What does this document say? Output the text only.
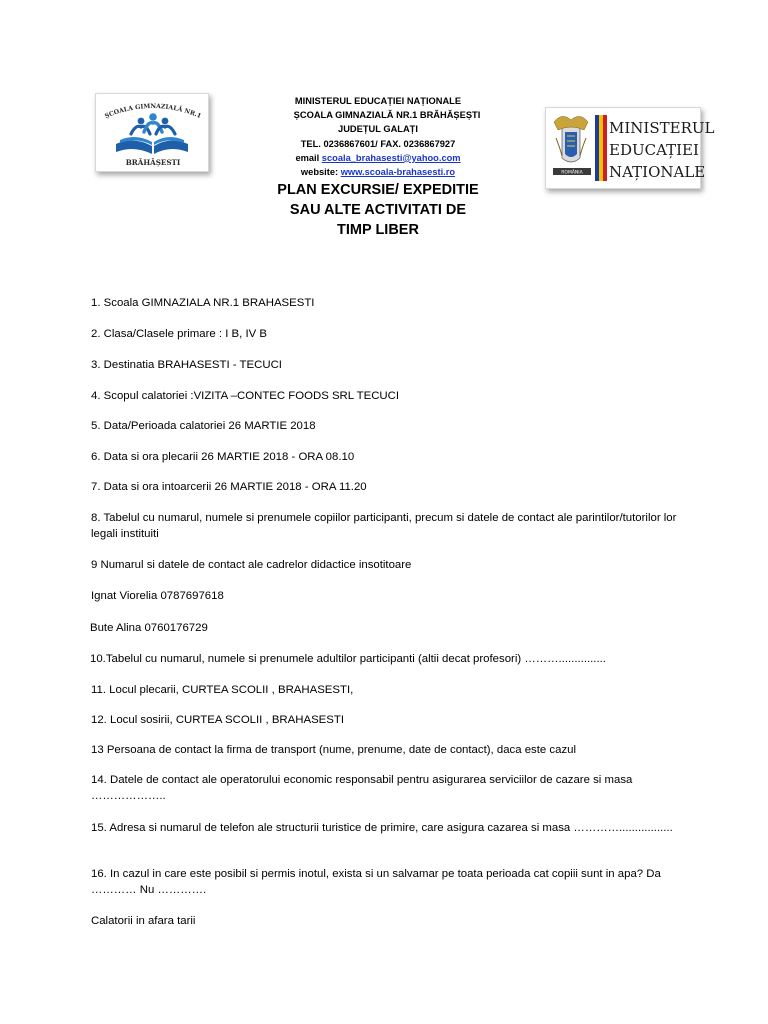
ȘCOALA GIMNAZIALĂ NR.1
BRĂHĂȘESTI
MINISTERUL EDUCAȚIEI NAȚIONALE
ȘCOALA GIMNAZIALĂ NR.1 BRĂHĂȘEȘTI
JUDEȚUL GALAȚI
TEL. 0236867601/ FAX. 0236867927
email scoala_brahasesti@yahoo.com
website: www.scoala-brahasesti.ro	ROMÂNIA
MINISTERUL
EDUCAȚIEI
NAȚIONALE
PLAN EXCURSIE/ EXPEDITIE
SAU ALTE ACTIVITATI DE
TIMP LIBER
1. Scoala GIMNAZIALA NR.1 BRAHASESTI
2. Clasa/Clasele primare : I B, IV B
3. Destinatia BRAHASESTI - TECUCI
4. Scopul calatoriei :VIZITA –CONTEC FOODS SRL TECUCI
5. Data/Perioada calatoriei 26 MARTIE 2018
6. Data si ora plecarii 26 MARTIE 2018 - ORA 08.10
7. Data si ora intoarcerii 26 MARTIE 2018 - ORA 11.20
8. Tabelul cu numarul, numele si prenumele copiilor participanti, precum si datele de contact ale parintilor/tutorilor lor legali instituiti
9 Numarul si datele de contact ale cadrelor didactice insotitoare
Ignat Viorelia 0787697618
Bute Alina 0760176729
10.Tabelul cu numarul, numele si prenumele adultilor participanti (altii decat profesori) ………...............
11. Locul plecarii, CURTEA SCOLII , BRAHASESTI,
12. Locul sosirii, CURTEA SCOLII , BRAHASESTI
13 Persoana de contact la firma de transport (nume, prenume, date de contact), daca este cazul
14. Datele de contact ale operatorului economic responsabil pentru asigurarea serviciilor de cazare si masa ………………..
15. Adresa si numarul de telefon ale structurii turistice de primire, care asigura cazarea si masa ………….................
16. In cazul in care este posibil si permis inotul, exista si un salvamar pe toata perioada cat copiii sunt in apa? Da ………… Nu ………….
Calatorii in afara tarii
